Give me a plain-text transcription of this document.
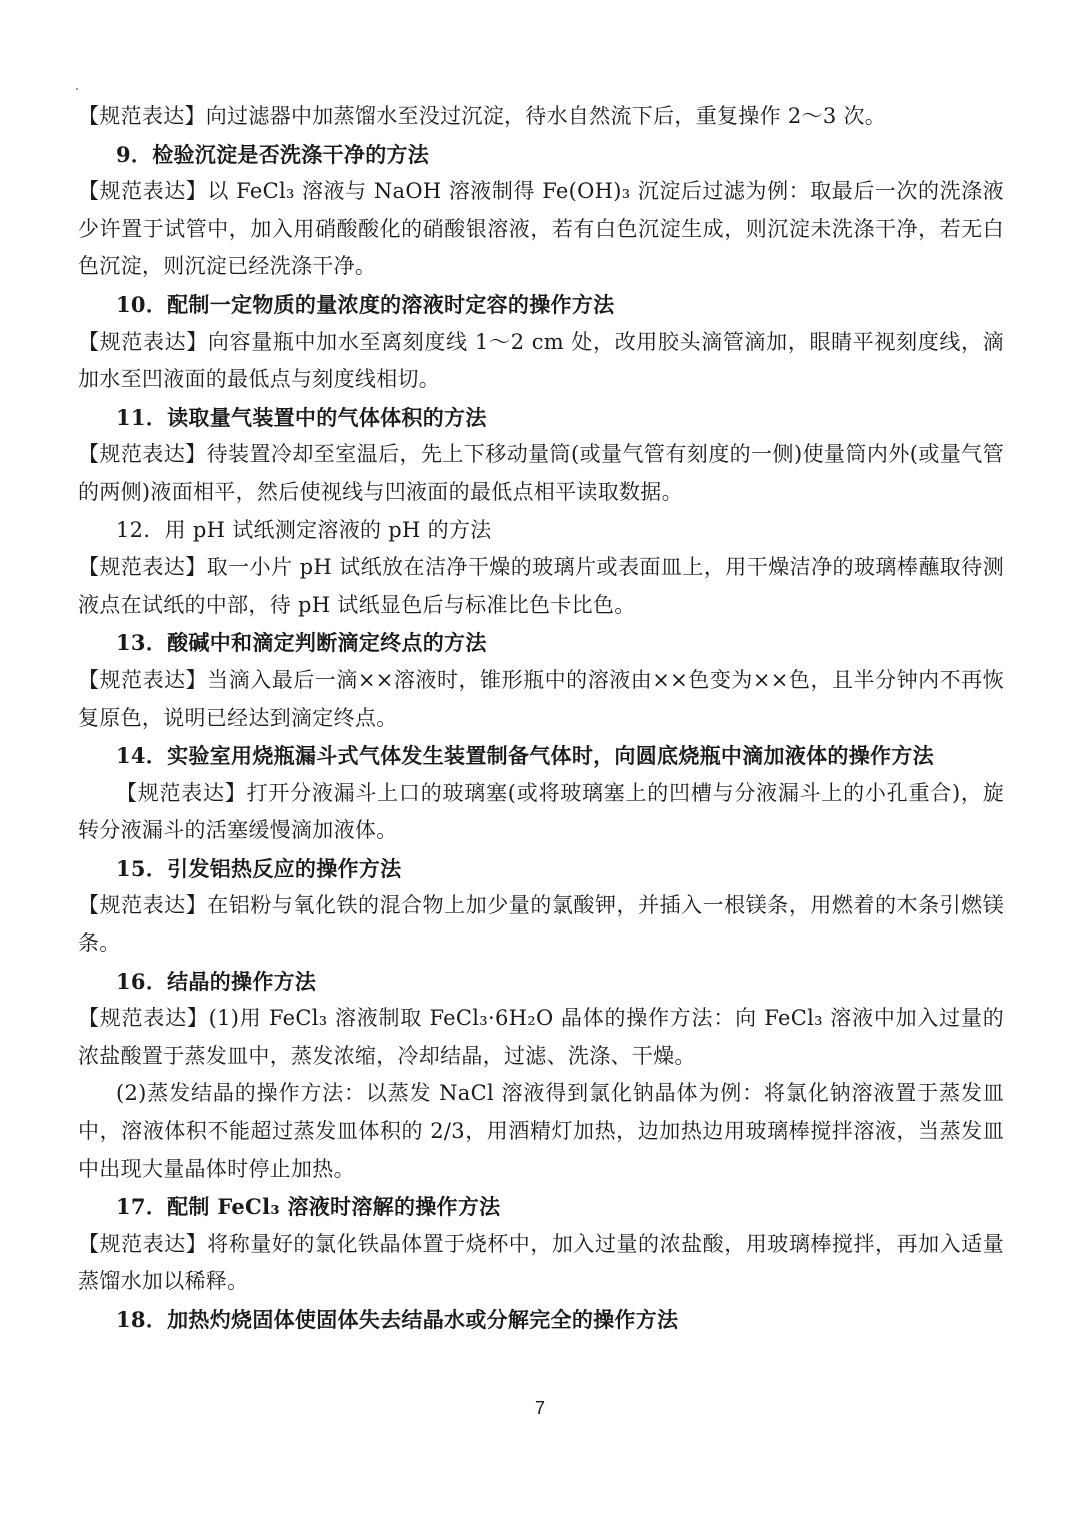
【规范表达】向过滤器中加蒸馏水至没过沉淀，待水自然流下后，重复操作 2～3 次。

9．检验沉淀是否洗涤干净的方法

【规范表达】以 FeCl₃ 溶液与 NaOH 溶液制得 Fe(OH)₃ 沉淀后过滤为例：取最后一次的洗涤液少许置于试管中，加入用硝酸酸化的硝酸银溶液，若有白色沉淀生成，则沉淀未洗涤干净，若无白色沉淀，则沉淀已经洗涤干净。

10．配制一定物质的量浓度的溶液时定容的操作方法

【规范表达】向容量瓶中加水至离刻度线 1～2 cm 处，改用胶头滴管滴加，眼睛平视刻度线，滴加水至凹液面的最低点与刻度线相切。

11．读取量气装置中的气体体积的方法

【规范表达】待装置冷却至室温后，先上下移动量筒(或量气管有刻度的一侧)使量筒内外(或量气管的两侧)液面相平，然后使视线与凹液面的最低点相平读取数据。

12．用 pH 试纸测定溶液的 pH 的方法

【规范表达】取一小片 pH 试纸放在洁净干燥的玻璃片或表面皿上，用干燥洁净的玻璃棒蘸取待测液点在试纸的中部，待 pH 试纸显色后与标准比色卡比色。

13．酸碱中和滴定判断滴定终点的方法

【规范表达】当滴入最后一滴××溶液时，锥形瓶中的溶液由××色变为××色，且半分钟内不再恢复原色，说明已经达到滴定终点。

14．实验室用烧瓶漏斗式气体发生装置制备气体时，向圆底烧瓶中滴加液体的操作方法

【规范表达】打开分液漏斗上口的玻璃塞(或将玻璃塞上的凹槽与分液漏斗上的小孔重合)，旋转分液漏斗的活塞缓慢滴加液体。

15．引发铝热反应的操作方法

【规范表达】在铝粉与氧化铁的混合物上加少量的氯酸钾，并插入一根镁条，用燃着的木条引燃镁条。

16．结晶的操作方法

【规范表达】(1)用 FeCl₃ 溶液制取 FeCl₃·6H₂O 晶体的操作方法：向 FeCl₃ 溶液中加入过量的浓盐酸置于蒸发皿中，蒸发浓缩，冷却结晶，过滤、洗涤、干燥。

(2)蒸发结晶的操作方法：以蒸发 NaCl 溶液得到氯化钠晶体为例：将氯化钠溶液置于蒸发皿中，溶液体积不能超过蒸发皿体积的 2/3，用酒精灯加热，边加热边用玻璃棒搅拌溶液，当蒸发皿中出现大量晶体时停止加热。

17．配制 FeCl₃ 溶液时溶解的操作方法

【规范表达】将称量好的氯化铁晶体置于烧杯中，加入过量的浓盐酸，用玻璃棒搅拌，再加入适量蒸馏水加以稀释。

18．加热灼烧固体使固体失去结晶水或分解完全的操作方法

7
